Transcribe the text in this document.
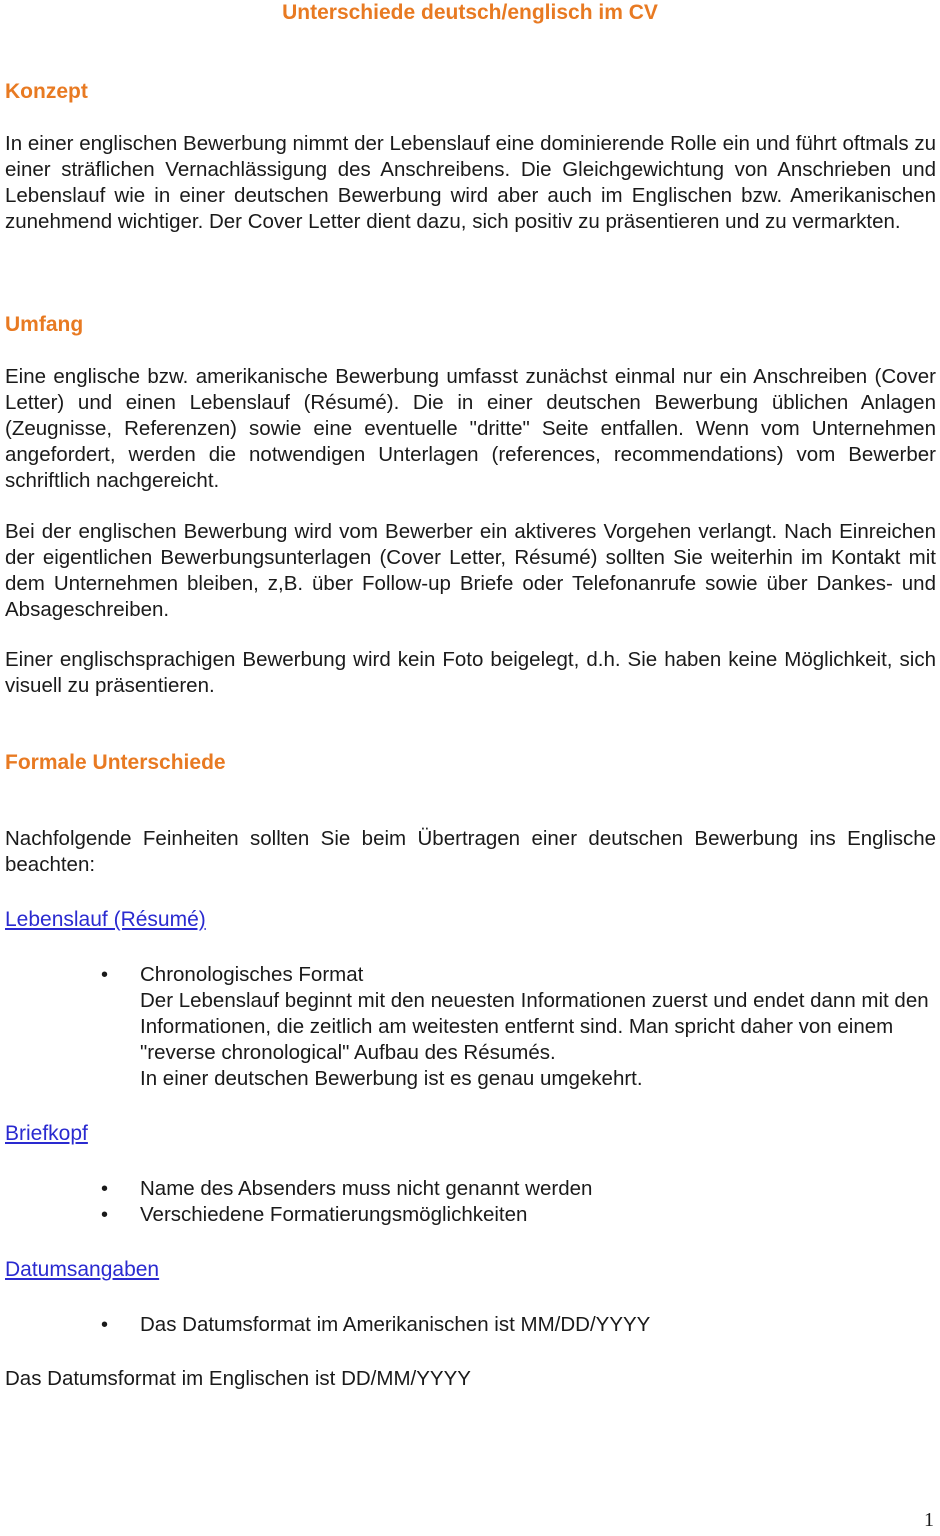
Unterschiede deutsch/englisch im CV
Konzept

In einer englischen Bewerbung nimmt der Lebenslauf eine dominierende Rolle ein und führt oftmals zu einer sträflichen Vernachlässigung des Anschreibens. Die Gleichgewichtung von Anschrieben und Lebenslauf wie in einer deutschen Bewerbung wird aber auch im Englischen bzw. Amerikanischen zunehmend wichtiger. Der Cover Letter dient dazu, sich positiv zu präsentieren und zu vermarkten.

Umfang

Eine englische bzw. amerikanische Bewerbung umfasst zunächst einmal nur ein Anschreiben (Cover Letter) und einen Lebenslauf (Résumé). Die in einer deutschen Bewerbung üblichen Anlagen (Zeugnisse, Referenzen) sowie eine eventuelle "dritte" Seite entfallen. Wenn vom Unternehmen angefordert, werden die notwendigen Unterlagen (references, recommendations) vom Bewerber schriftlich nachgereicht.

Bei der englischen Bewerbung wird vom Bewerber ein aktiveres Vorgehen verlangt. Nach Einreichen der eigentlichen Bewerbungsunterlagen (Cover Letter, Résumé) sollten Sie weiterhin im Kontakt mit dem Unternehmen bleiben, z,B. über Follow-up Briefe oder Telefonanrufe sowie über Dankes- und Absageschreiben.

Einer englischsprachigen Bewerbung wird kein Foto beigelegt, d.h. Sie haben keine Möglichkeit, sich visuell zu präsentieren.

Formale Unterschiede

Nachfolgende Feinheiten sollten Sie beim Übertragen einer deutschen Bewerbung ins Englische beachten:

Lebenslauf (Résumé)
• Chronologisches Format
Der Lebenslauf beginnt mit den neuesten Informationen zuerst und endet dann mit den Informationen, die zeitlich am weitesten entfernt sind. Man spricht daher von einem "reverse chronological" Aufbau des Résumés.
In einer deutschen Bewerbung ist es genau umgekehrt.
Briefkopf
• Name des Absenders muss nicht genannt werden
• Verschiedene Formatierungsmöglichkeiten
Datumsangaben
• Das Datumsformat im Amerikanischen ist MM/DD/YYYY

Das Datumsformat im Englischen ist DD/MM/YYYY

1
